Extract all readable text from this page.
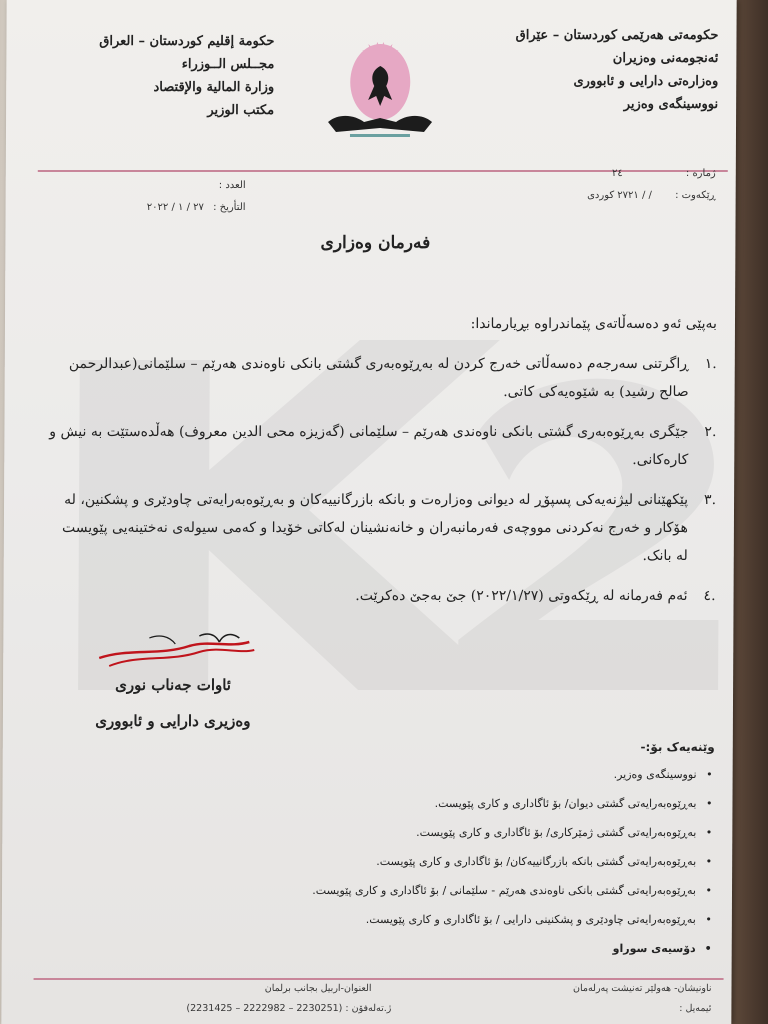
حكومة إقليم كوردستان – العراق
مجــلس الــوزراء
وزارة المالية والإقتصاد
مكتب الوزير
حكومەتی هەرێمی کوردستان – عێراق
ئەنجومەنی وەزیران
وەزارەتی دارایی و ئابووری
نووسینگەی وەزیر
ژمارە : ٢٤
ڕێکەوت : / / ٢٧٢١ کوردی
العدد :
التأريخ : ٢٧ / ١ / ٢٠٢٢
فەرمان وەزاری

بەپێی ئەو دەسەڵاتەی پێماندراوە بڕیارماندا:

.١
ڕاگرتنی سەرجەم دەسەڵاتی خەرج کردن لە بەڕێوەبەری گشتی بانکی ناوەندی هەرێم – سلێمانی(عبدالرحمن صالح رشید) بە شێوەیەکی کاتی.
.٢
جێگری بەڕێوەبەری گشتی بانکی ناوەندی هەرێم – سلێمانی (گەزیزە محی الدین معروف) هەڵدەستێت بە نیش و کارەکانی.
.٣
پێکهێنانی لیژنەیەکی پسپۆڕ لە دیوانی وەزارەت و بانکە بازرگانییەکان و بەڕێوەبەرایەتی چاودێری و پشکنین، لە هۆکار و خەرج نەکردنی مووچەی فەرمانبەران و خانەنشینان لەکاتی خۆیدا و کەمی سیولەی نەختینەیی پێویست لە بانک.
.٤
ئەم فەرمانە لە ڕێکەوتی (٢٠٢٢/١/٢٧) جێ بەجێ دەکرێت.
ئاوات جەناب نوری
وەزیری دارایی و ئابووری
وێنەیەک بۆ:-
• نووسینگەی وەزیر.
• بەڕێوەبەرایەتی گشتی دیوان/ بۆ ئاگاداری و کاری پێویست.
• بەڕێوەبەرایەتی گشتی ژمێرکاری/ بۆ ئاگاداری و کاری پێویست.
• بەڕێوەبەرایەتی گشتی بانکە بازرگانییەکان/ بۆ ئاگاداری و کاری پێویست.
• بەڕێوەبەرایەتی گشتی بانکی ناوەندی هەرێم - سلێمانی / بۆ ئاگاداری و کاری پێویست.
• بەڕێوەبەرایەتی چاودێری و پشکنینی دارایی / بۆ ئاگاداری و کاری پێویست.
• دۆسیەی سوراو
ناونیشان- هەولێر تەنیشت پەرلەمان
العنوان-اربیل بجانب برلمان
ئیمەیل :
ژ.تەلەفۆن : (2230251 – 2222982 – 2231425)
